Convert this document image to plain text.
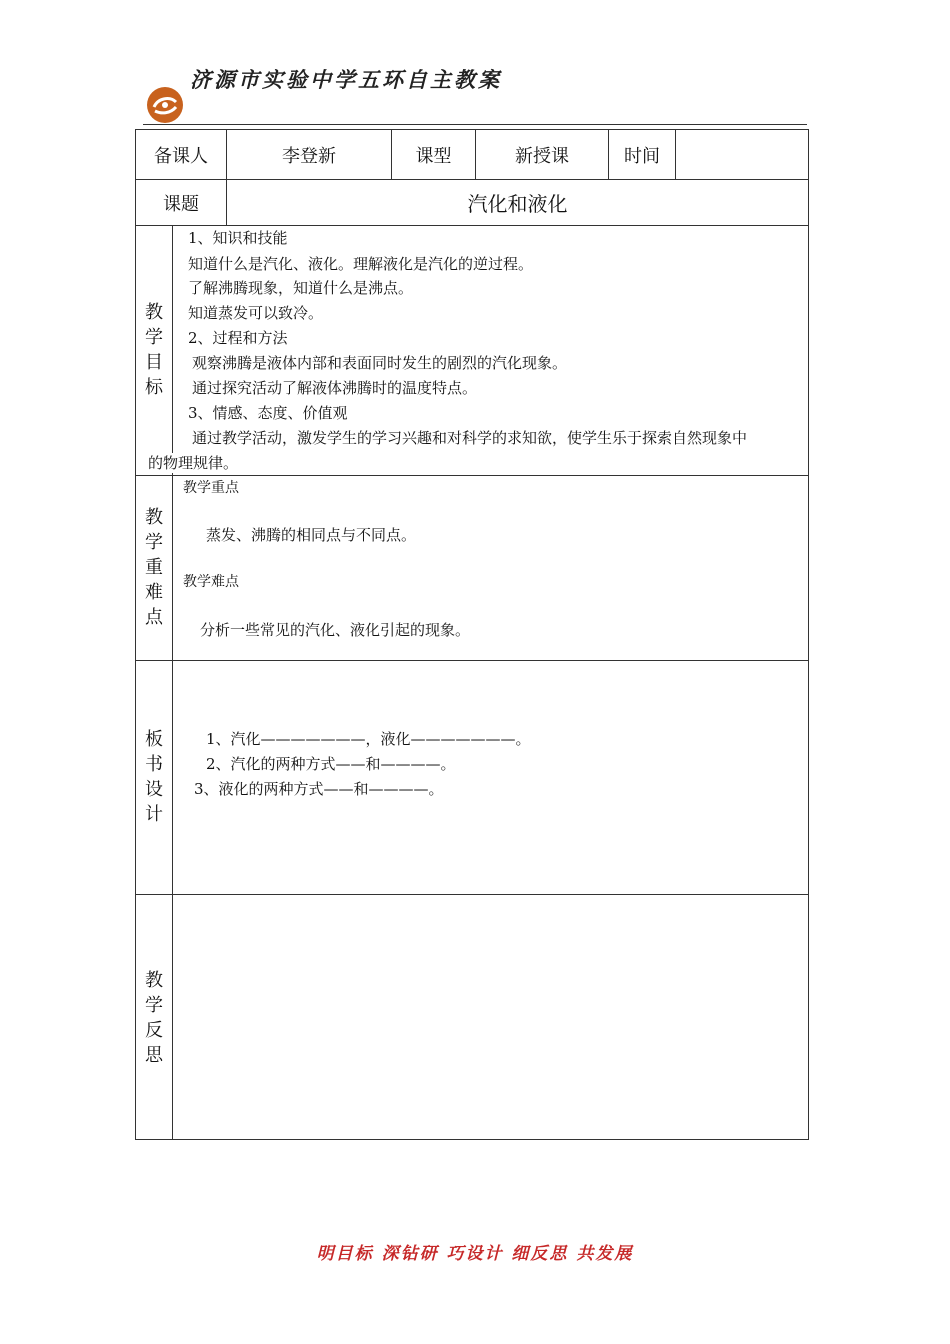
济源市实验中学五环自主教案
备课人	李登新	课型	新授课	时间
课题	汽化和液化
教学目标
1、知识和技能
知道什么是汽化、液化。理解液化是汽化的逆过程。
了解沸腾现象，知道什么是沸点。
知道蒸发可以致冷。
2、过程和方法
观察沸腾是液体内部和表面同时发生的剧烈的汽化现象。
通过探究活动了解液体沸腾时的温度特点。
3、情感、态度、价值观
通过教学活动，激发学生的学习兴趣和对科学的求知欲，使学生乐于探索自然现象中
的物理规律。
教学重难点
教学重点
蒸发、沸腾的相同点与不同点。
教学难点
分析一些常见的汽化、液化引起的现象。
板书设计
1、汽化———————，液化———————。
2、汽化的两种方式——和————。
3、液化的两种方式——和————。
教学反思
明目标 深钻研 巧设计 细反思 共发展
